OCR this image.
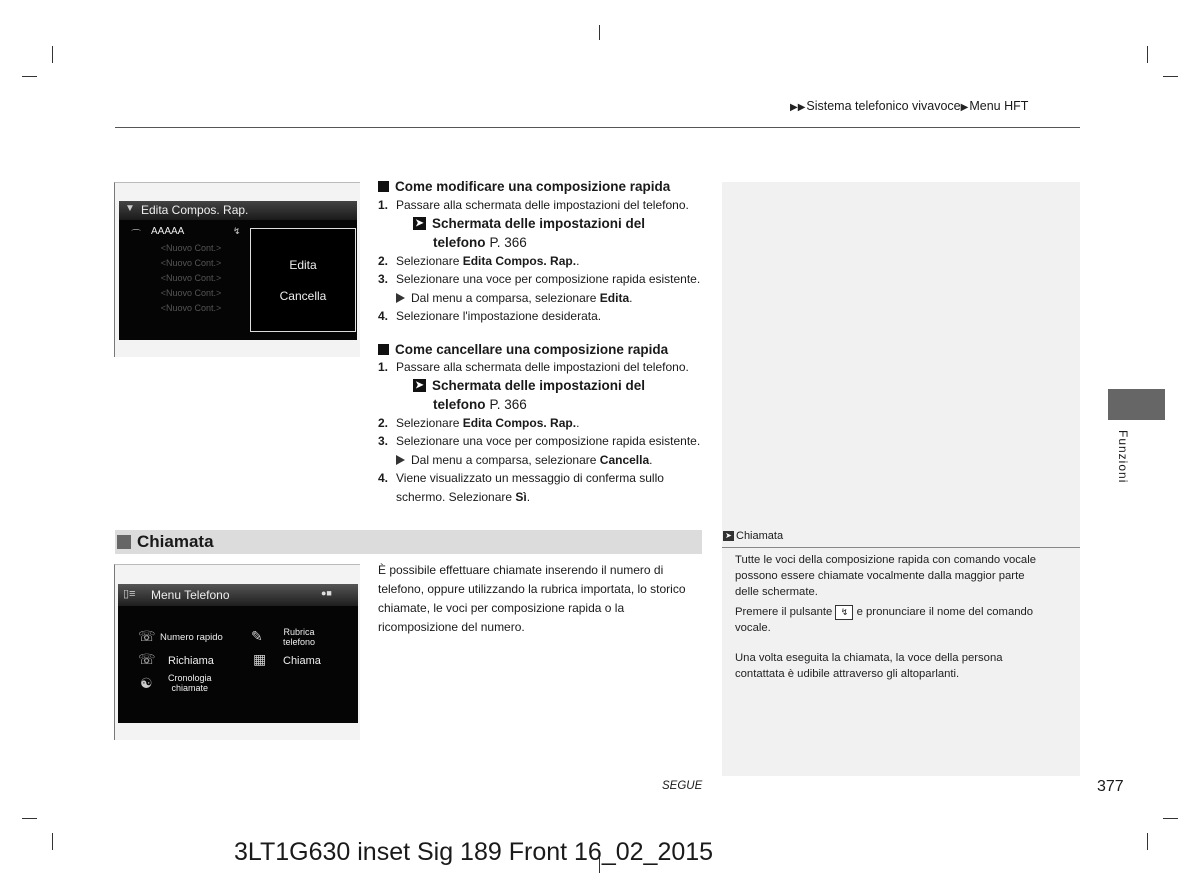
▶▶Sistema telefonico vivavoce▶Menu HFT
▼ Edita Compos. Rap.
⌒ AAAAA	↯
<Nuovo Cont.>
<Nuovo Cont.>
<Nuovo Cont.>
<Nuovo Cont.>
<Nuovo Cont.>
Edita
Cancella
Come modificare una composizione rapida
1. Passare alla schermata delle impostazioni del telefono.
➤ Schermata delle impostazioni del
telefono P. 366
2. Selezionare
Edita Compos. Rap. .
3. Selezionare una voce per composizione rapida esistente.
Dal menu a comparsa, selezionare
Edita .
4. Selezionare l'impostazione desiderata.
Come cancellare una composizione rapida
1. Passare alla schermata delle impostazioni del telefono.
➤ Schermata delle impostazioni del
telefono P. 366
2. Selezionare
Edita Compos. Rap. .
3. Selezionare una voce per composizione rapida esistente.
Dal menu a comparsa, selezionare
Cancella .
4. Viene visualizzato un messaggio di conferma sullo
schermo. Selezionare
Sì .
Chiamata
▯≡ Menu Telefono	●■
☏ Numero rapido ✎ Rubrica
telefono
☏ Richiama	▦ Chiama
☯ Cronologia
chiamate
È possibile effettuare chiamate inserendo il numero di
telefono, oppure utilizzando la rubrica importata, lo storico
chiamate, le voci per composizione rapida o la
ricomposizione del numero.
➤ Chiamata
Tutte le voci della composizione rapida con comando vocale
possono essere chiamate vocalmente dalla maggior parte
delle schermate.
Premere il pulsante ↯ e pronunciare il nome del comando
vocale.
Una volta eseguita la chiamata, la voce della persona
contattata è udibile attraverso gli altoparlanti.
Funzioni
SEGUE	377
3LT1G630 inset Sig 189 Front 16_02_2015
